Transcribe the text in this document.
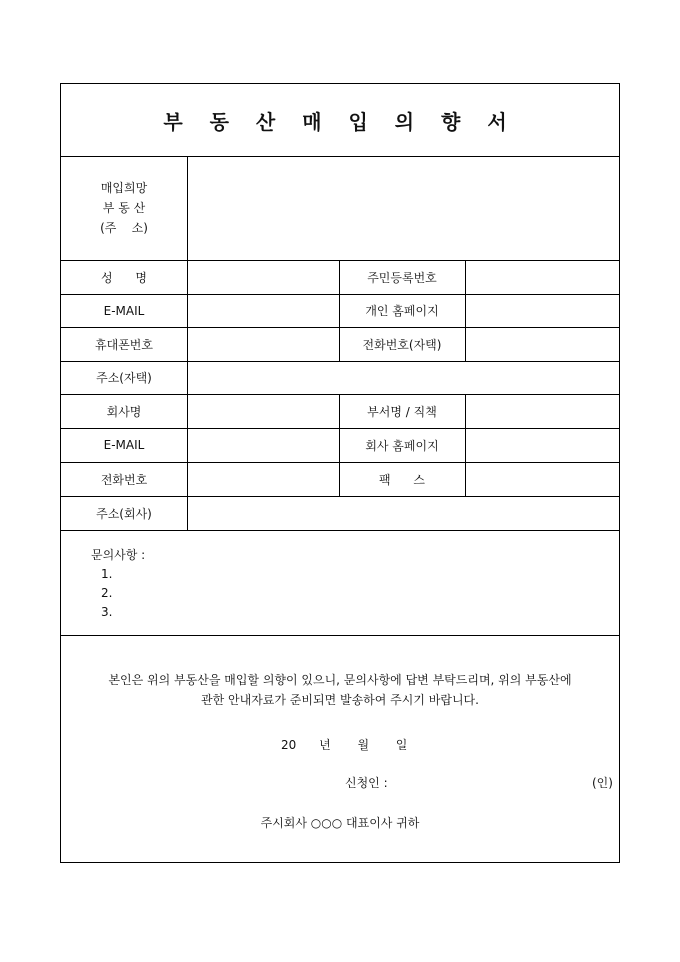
부 동 산 매 입 의 향 서
매입희망
부 동 산
(주    소)
성      명	주민등록번호
E-MAIL	개인 홈페이지
휴대폰번호	전화번호(자택)
주소(자택)
회사명	부서명 / 직책
E-MAIL	회사 홈페이지
전화번호	팩      스
주소(회사)
문의사항 :
1.
2.
3.
본인은 위의 부동산을 매입할 의향이 있으니, 문의사항에 답변 부탁드리며, 위의 부동산에
관한 안내자료가 준비되면 발송하여 주시기 바랍니다.
20      년       월       일
신청인 :	(인)
주시회사 ○○○ 대표이사 귀하
